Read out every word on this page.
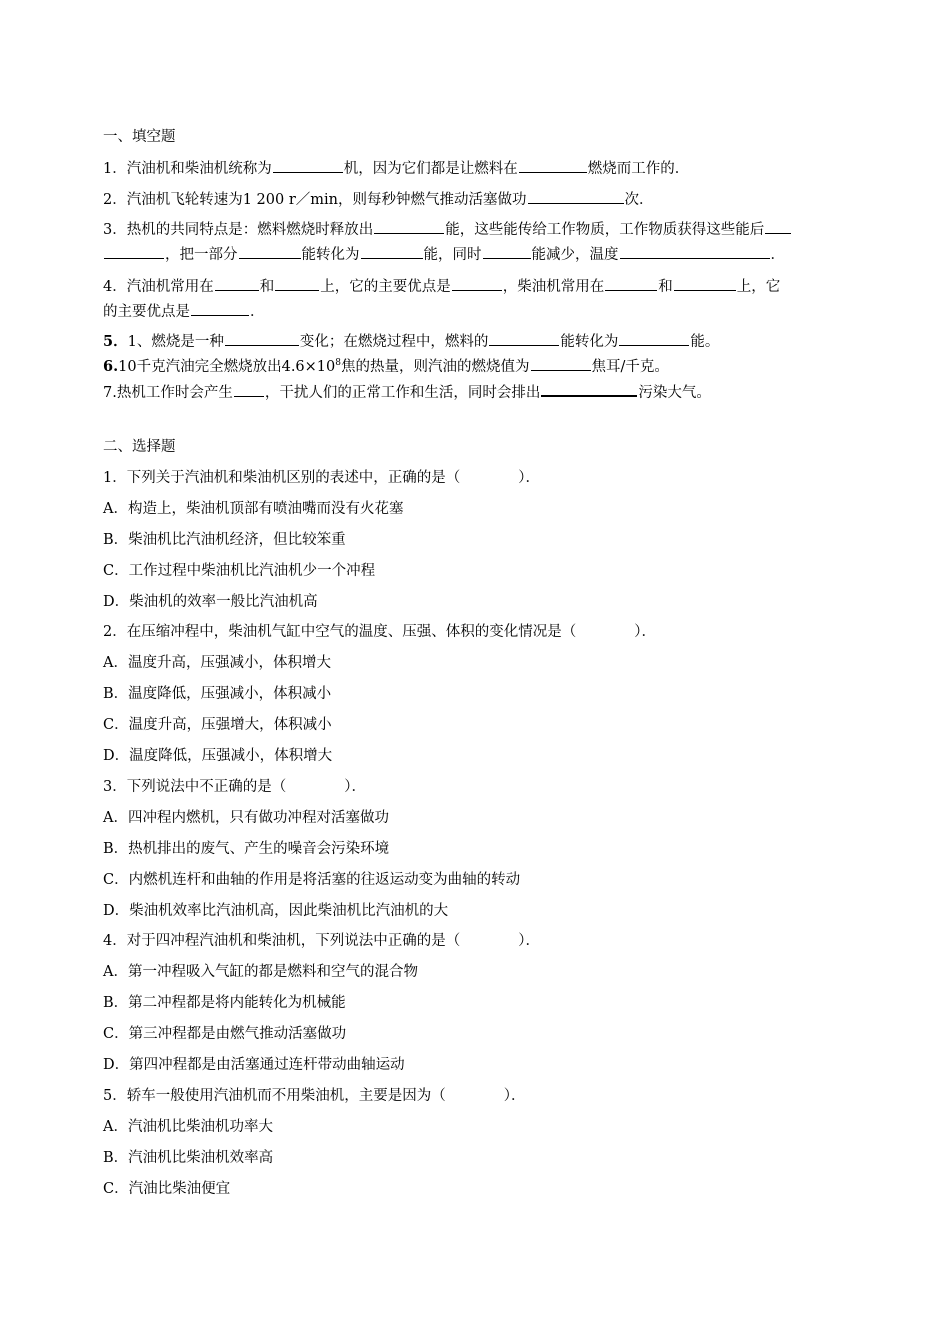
一、填空题
1．汽油机和柴油机统称为	机，因为它们都是让燃料在	燃烧而工作的．
2．汽油机飞轮转速为1 200 r／min，则每秒钟燃气推动活塞做功	次．
3．热机的共同特点是：燃料燃烧时释放出	能，这些能传给工作物质，工作物质获得这些能后
，把一部分	能转化为	能，同时	能减少，温度	．
4．汽油机常用在	和	上，它的主要优点是	，柴油机常用在	和	上，它
的主要优点是	．
5．1、燃烧是一种	变化；在燃烧过程中，燃料的	能转化为	能。
6.10千克汽油完全燃烧放出$4.6\times 10^8$焦的热量，则汽油的燃烧值为	焦耳/千克。
7.热机工作时会产生 ，干扰人们的正常工作和生活，同时会排出	污染大气。
二、选择题
1．下列关于汽油机和柴油机区别的表述中，正确的是（　　　　）．
A．构造上，柴油机顶部有喷油嘴而没有火花塞
B．柴油机比汽油机经济，但比较笨重
C．工作过程中柴油机比汽油机少一个冲程
D．柴油机的效率一般比汽油机高
2．在压缩冲程中，柴油机气缸中空气的温度、压强、体积的变化情况是（　　　　）．
A．温度升高，压强减小，体积增大
B．温度降低，压强减小，体积减小
C．温度升高，压强增大，体积减小
D．温度降低，压强减小，体积增大
3．下列说法中不正确的是（　　　　）．
A．四冲程内燃机，只有做功冲程对活塞做功
B．热机排出的废气、产生的噪音会污染环境
C．内燃机连杆和曲轴的作用是将活塞的往返运动变为曲轴的转动
D．柴油机效率比汽油机高，因此柴油机比汽油机的大
4．对于四冲程汽油机和柴油机，下列说法中正确的是（　　　　）．
A．第一冲程吸入气缸的都是燃料和空气的混合物
B．第二冲程都是将内能转化为机械能
C．第三冲程都是由燃气推动活塞做功
D．第四冲程都是由活塞通过连杆带动曲轴运动
5．轿车一般使用汽油机而不用柴油机，主要是因为（　　　　）．
A．汽油机比柴油机功率大
B．汽油机比柴油机效率高
C．汽油比柴油便宜
